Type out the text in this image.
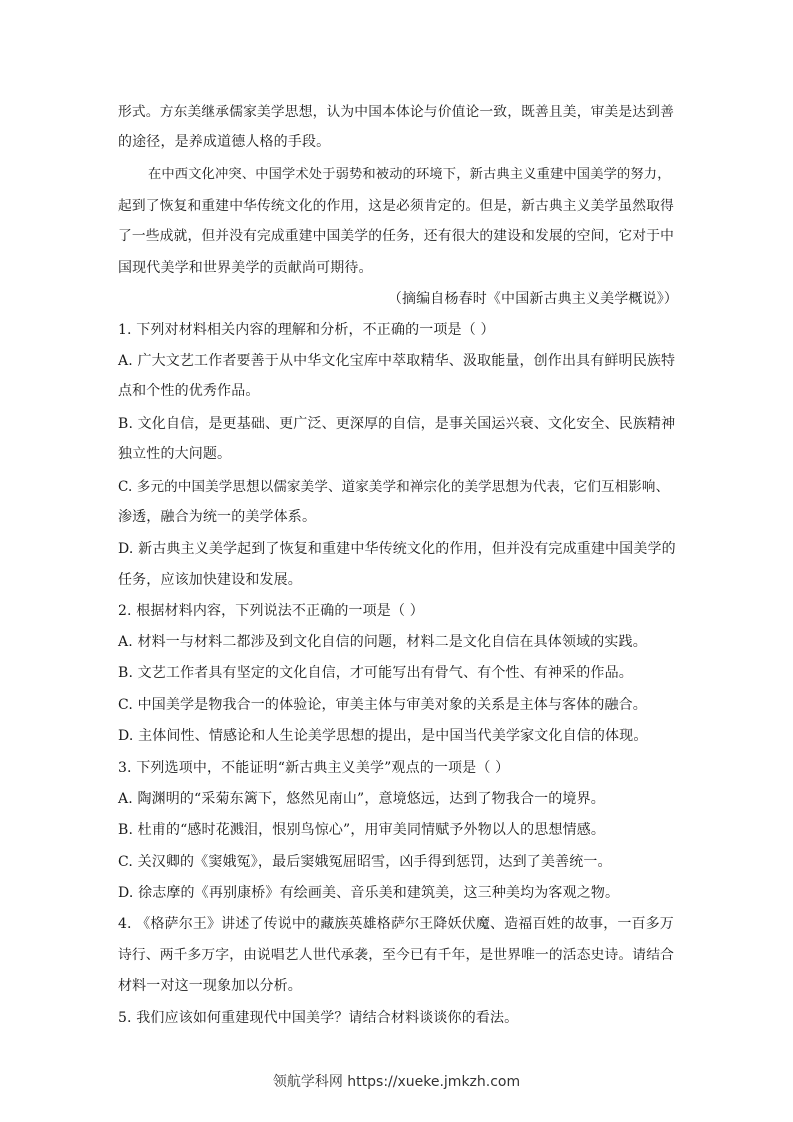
形式。方东美继承儒家美学思想，认为中国本体论与价值论一致，既善且美，审美是达到善
的途径，是养成道德人格的手段。
在中西文化冲突、中国学术处于弱势和被动的环境下，新古典主义重建中国美学的努力，
起到了恢复和重建中华传统文化的作用，这是必须肯定的。但是，新古典主义美学虽然取得
了一些成就，但并没有完成重建中国美学的任务，还有很大的建设和发展的空间，它对于中
国现代美学和世界美学的贡献尚可期待。
（摘编自杨春时《中国新古典主义美学概说》）
1. 下列对材料相关内容的理解和分析，不正确的一项是（ ）
A. 广大文艺工作者要善于从中华文化宝库中萃取精华、汲取能量，创作出具有鲜明民族特
点和个性的优秀作品。
B. 文化自信，是更基础、更广泛、更深厚的自信，是事关国运兴衰、文化安全、民族精神
独立性的大问题。
C. 多元的中国美学思想以儒家美学、道家美学和禅宗化的美学思想为代表，它们互相影响、
渗透，融合为统一的美学体系。
D. 新古典主义美学起到了恢复和重建中华传统文化的作用，但并没有完成重建中国美学的
任务，应该加快建设和发展。
2. 根据材料内容，下列说法不正确的一项是（ ）
A. 材料一与材料二都涉及到文化自信的问题，材料二是文化自信在具体领域的实践。
B. 文艺工作者具有坚定的文化自信，才可能写出有骨气、有个性、有神采的作品。
C. 中国美学是物我合一的体验论，审美主体与审美对象的关系是主体与客体的融合。
D. 主体间性、情感论和人生论美学思想的提出，是中国当代美学家文化自信的体现。
3. 下列选项中，不能证明“新古典主义美学”观点的一项是（ ）
A. 陶渊明的“采菊东篱下，悠然见南山”，意境悠远，达到了物我合一的境界。
B. 杜甫的“感时花溅泪，恨别鸟惊心”，用审美同情赋予外物以人的思想情感。
C. 关汉卿的《窦娥冤》，最后窦娥冤屈昭雪，凶手得到惩罚，达到了美善统一。
D. 徐志摩的《再别康桥》有绘画美、音乐美和建筑美，这三种美均为客观之物。
4. 《格萨尔王》讲述了传说中的藏族英雄格萨尔王降妖伏魔、造福百姓的故事，一百多万
诗行、两千多万字，由说唱艺人世代承袭，至今已有千年，是世界唯一的活态史诗。请结合
材料一对这一现象加以分析。
5. 我们应该如何重建现代中国美学？请结合材料谈谈你的看法。
领航学科网 https://xueke.jmkzh.com
